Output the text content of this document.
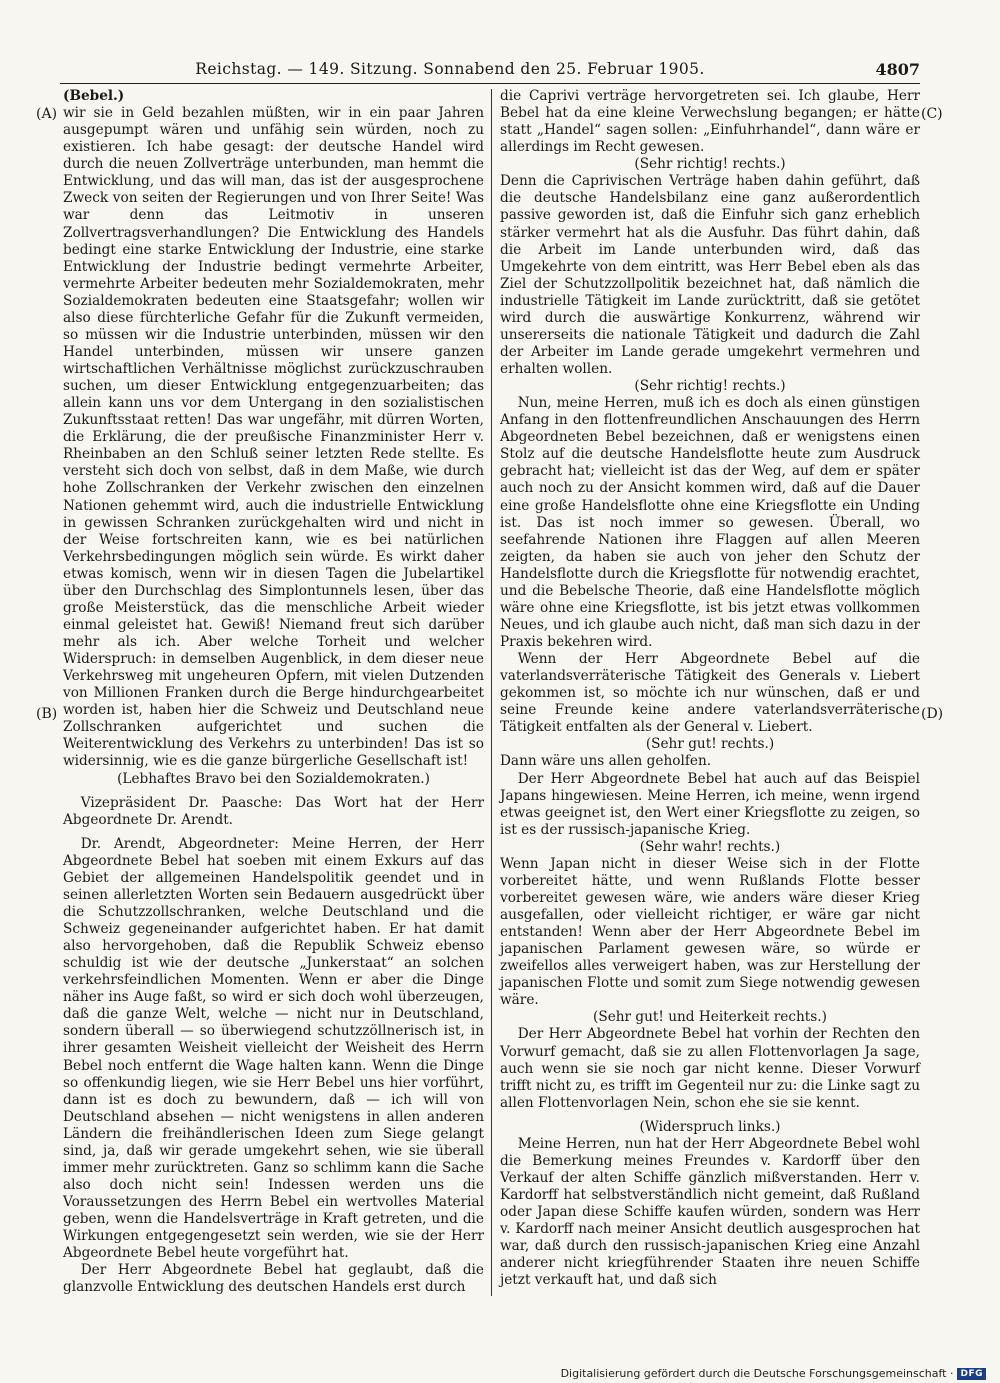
Reichstag. — 149. Sitzung. Sonnabend den 25. Februar 1905.	4807
(A)
(B)
(C)
(D)

(Bebel.)

wir sie in Geld bezahlen müßten, wir in ein paar Jahren ausgepumpt wären und unfähig sein würden, noch zu existieren. Ich habe gesagt: der deutsche Handel wird durch die neuen Zollverträge unterbunden, man hemmt die Entwicklung, und das will man, das ist der ausgesprochene Zweck von seiten der Regierungen und von Ihrer Seite! Was war denn das Leitmotiv in unseren Zollvertragsverhandlungen? Die Entwicklung des Handels bedingt eine starke Entwicklung der Industrie, eine starke Entwicklung der Industrie bedingt vermehrte Arbeiter, vermehrte Arbeiter bedeuten mehr Sozialdemokraten, mehr Sozialdemokraten bedeuten eine Staatsgefahr; wollen wir also diese fürchterliche Gefahr für die Zukunft vermeiden, so müssen wir die Industrie unterbinden, müssen wir den Handel unterbinden, müssen wir unsere ganzen wirtschaftlichen Verhältnisse möglichst zurückzuschrauben suchen, um dieser Entwicklung entgegenzuarbeiten; das allein kann uns vor dem Untergang in den sozialistischen Zukunftsstaat retten! Das war ungefähr, mit dürren Worten, die Erklärung, die der preußische Finanzminister Herr v. Rheinbaben an den Schluß seiner letzten Rede stellte. Es versteht sich doch von selbst, daß in dem Maße, wie durch hohe Zollschranken der Verkehr zwischen den einzelnen Nationen gehemmt wird, auch die industrielle Entwicklung in gewissen Schranken zurückgehalten wird und nicht in der Weise fortschreiten kann, wie es bei natürlichen Verkehrsbedingungen möglich sein würde. Es wirkt daher etwas komisch, wenn wir in diesen Tagen die Jubelartikel über den Durchschlag des Simplontunnels lesen, über das große Meisterstück, das die menschliche Arbeit wieder einmal geleistet hat. Gewiß! Niemand freut sich darüber mehr als ich. Aber welche Torheit und welcher Widerspruch: in demselben Augenblick, in dem dieser neue Verkehrsweg mit ungeheuren Opfern, mit vielen Dutzenden von Millionen Franken durch die Berge hindurchgearbeitet worden ist, haben hier die Schweiz und Deutschland neue Zollschranken aufgerichtet und suchen die Weiterentwicklung des Verkehrs zu unterbinden! Das ist so widersinnig, wie es die ganze bürgerliche Gesellschaft ist!

(Lebhaftes Bravo bei den Sozialdemokraten.)

Vizepräsident Dr. Paasche: Das Wort hat der Herr Abgeordnete Dr. Arendt.

Dr. Arendt, Abgeordneter: Meine Herren, der Herr Abgeordnete Bebel hat soeben mit einem Exkurs auf das Gebiet der allgemeinen Handelspolitik geendet und in seinen allerletzten Worten sein Bedauern ausgedrückt über die Schutzzollschranken, welche Deutschland und die Schweiz gegeneinander aufgerichtet haben. Er hat damit also hervorgehoben, daß die Republik Schweiz ebenso schuldig ist wie der deutsche „Junkerstaat“ an solchen verkehrsfeindlichen Momenten. Wenn er aber die Dinge näher ins Auge faßt, so wird er sich doch wohl überzeugen, daß die ganze Welt, welche — nicht nur in Deutschland, sondern überall — so überwiegend schutzzöllnerisch ist, in ihrer gesamten Weisheit vielleicht der Weisheit des Herrn Bebel noch entfernt die Wage halten kann. Wenn die Dinge so offenkundig liegen, wie sie Herr Bebel uns hier vorführt, dann ist es doch zu bewundern, daß — ich will von Deutschland absehen — nicht wenigstens in allen anderen Ländern die freihändlerischen Ideen zum Siege gelangt sind, ja, daß wir gerade umgekehrt sehen, wie sie überall immer mehr zurücktreten. Ganz so schlimm kann die Sache also doch nicht sein! Indessen werden uns die Voraussetzungen des Herrn Bebel ein wertvolles Material geben, wenn die Handelsverträge in Kraft getreten, und die Wirkungen entgegengesetzt sein werden, wie sie der Herr Abgeordnete Bebel heute vorgeführt hat.

Der Herr Abgeordnete Bebel hat geglaubt, daß die glanzvolle Entwicklung des deutschen Handels erst durch

die Caprivi verträge hervorgetreten sei. Ich glaube, Herr Bebel hat da eine kleine Verwechslung begangen; er hätte statt „Handel“ sagen sollen: „Einfuhrhandel“, dann wäre er allerdings im Recht gewesen.

(Sehr richtig! rechts.)

Denn die Caprivischen Verträge haben dahin geführt, daß die deutsche Handelsbilanz eine ganz außerordentlich passive geworden ist, daß die Einfuhr sich ganz erheblich stärker vermehrt hat als die Ausfuhr. Das führt dahin, daß die Arbeit im Lande unterbunden wird, daß das Umgekehrte von dem eintritt, was Herr Bebel eben als das Ziel der Schutzzollpolitik bezeichnet hat, daß nämlich die industrielle Tätigkeit im Lande zurücktritt, daß sie getötet wird durch die auswärtige Konkurrenz, während wir unsererseits die nationale Tätigkeit und dadurch die Zahl der Arbeiter im Lande gerade umgekehrt vermehren und erhalten wollen.

(Sehr richtig! rechts.)

Nun, meine Herren, muß ich es doch als einen günstigen Anfang in den flottenfreundlichen Anschauungen des Herrn Abgeordneten Bebel bezeichnen, daß er wenigstens einen Stolz auf die deutsche Handelsflotte heute zum Ausdruck gebracht hat; vielleicht ist das der Weg, auf dem er später auch noch zu der Ansicht kommen wird, daß auf die Dauer eine große Handelsflotte ohne eine Kriegsflotte ein Unding ist. Das ist noch immer so gewesen. Überall, wo seefahrende Nationen ihre Flaggen auf allen Meeren zeigten, da haben sie auch von jeher den Schutz der Handelsflotte durch die Kriegsflotte für notwendig erachtet, und die Bebelsche Theorie, daß eine Handelsflotte möglich wäre ohne eine Kriegsflotte, ist bis jetzt etwas vollkommen Neues, und ich glaube auch nicht, daß man sich dazu in der Praxis bekehren wird.

Wenn der Herr Abgeordnete Bebel auf die vaterlandsverräterische Tätigkeit des Generals v. Liebert gekommen ist, so möchte ich nur wünschen, daß er und seine Freunde keine andere vaterlandsverräterische Tätigkeit entfalten als der General v. Liebert.

(Sehr gut! rechts.)

Dann wäre uns allen geholfen.

Der Herr Abgeordnete Bebel hat auch auf das Beispiel Japans hingewiesen. Meine Herren, ich meine, wenn irgend etwas geeignet ist, den Wert einer Kriegsflotte zu zeigen, so ist es der russisch-japanische Krieg.

(Sehr wahr! rechts.)

Wenn Japan nicht in dieser Weise sich in der Flotte vorbereitet hätte, und wenn Rußlands Flotte besser vorbereitet gewesen wäre, wie anders wäre dieser Krieg ausgefallen, oder vielleicht richtiger, er wäre gar nicht entstanden! Wenn aber der Herr Abgeordnete Bebel im japanischen Parlament gewesen wäre, so würde er zweifellos alles verweigert haben, was zur Herstellung der japanischen Flotte und somit zum Siege notwendig gewesen wäre.

(Sehr gut! und Heiterkeit rechts.)

Der Herr Abgeordnete Bebel hat vorhin der Rechten den Vorwurf gemacht, daß sie zu allen Flottenvorlagen Ja sage, auch wenn sie sie noch gar nicht kenne. Dieser Vorwurf trifft nicht zu, es trifft im Gegenteil nur zu: die Linke sagt zu allen Flottenvorlagen Nein, schon ehe sie sie kennt.

(Widerspruch links.)

Meine Herren, nun hat der Herr Abgeordnete Bebel wohl die Bemerkung meines Freundes v. Kardorff über den Verkauf der alten Schiffe gänzlich mißverstanden. Herr v. Kardorff hat selbstverständlich nicht gemeint, daß Rußland oder Japan diese Schiffe kaufen würden, sondern was Herr v. Kardorff nach meiner Ansicht deutlich ausgesprochen hat war, daß durch den russisch-japanischen Krieg eine Anzahl anderer nicht kriegführender Staaten ihre neuen Schiffe jetzt verkauft hat, und daß sich

Digitalisierung gefördert durch die Deutsche Forschungsgemeinschaft · DFG
